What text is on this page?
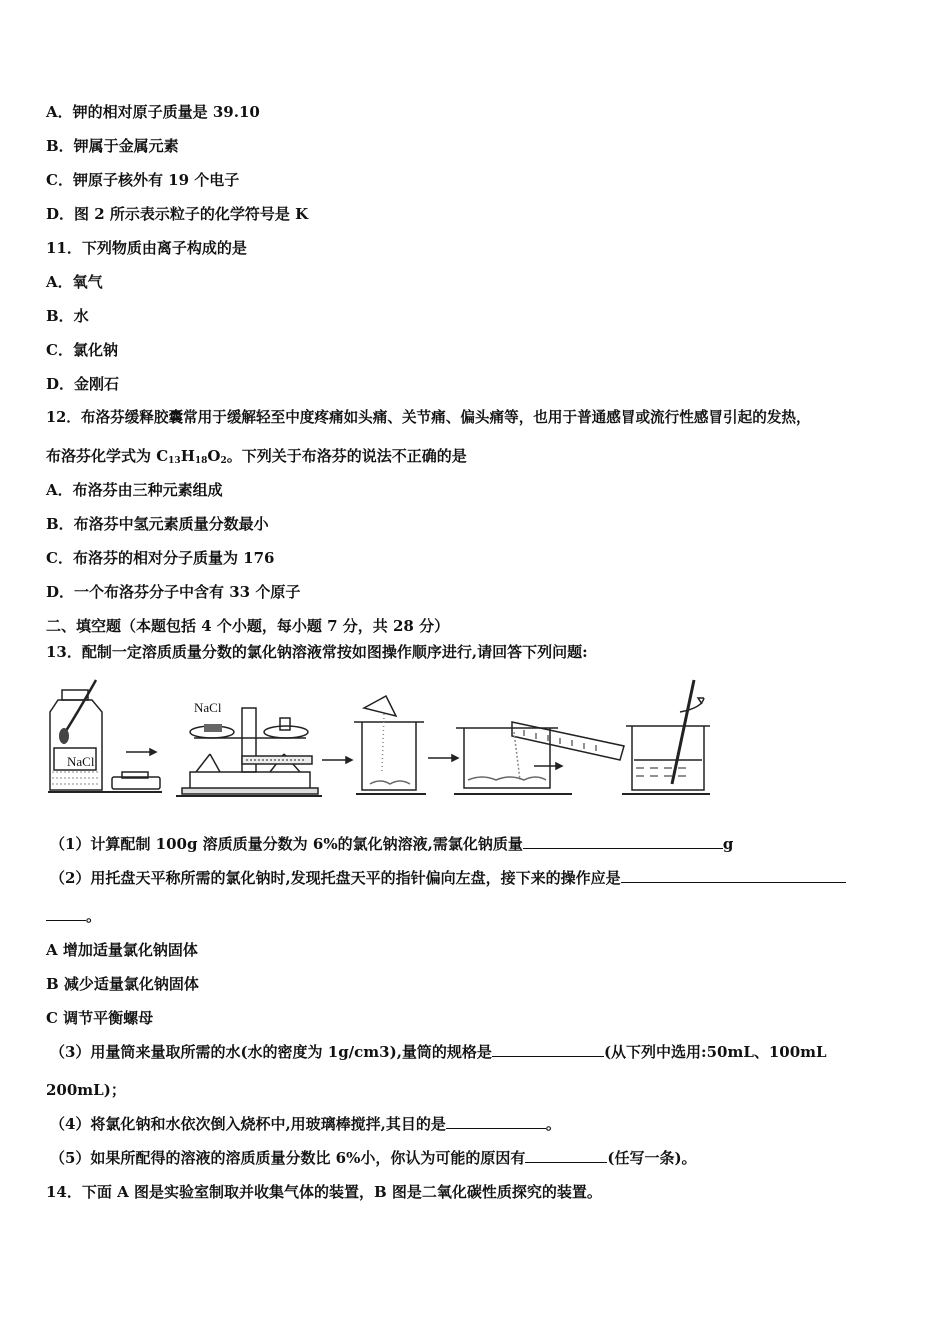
A．钾的相对原子质量是 39.10
B．钾属于金属元素
C．钾原子核外有 19 个电子
D．图 2 所示表示粒子的化学符号是 K
11．下列物质由离子构成的是
A．氧气
B．水
C．氯化钠
D．金刚石
12．布洛芬缓释胶囊常用于缓解轻至中度疼痛如头痛、关节痛、偏头痛等，也用于普通感冒或流行性感冒引起的发热，
布洛芬化学式为 $C_{13}H_{18}O_2$。下列关于布洛芬的说法不正确的是
A．布洛芬由三种元素组成
B．布洛芬中氢元素质量分数最小
C．布洛芬的相对分子质量为 176
D．一个布洛芬分子中含有 33 个原子
二、填空题（本题包括 4 个小题，每小题 7 分，共 28 分）
13．配制一定溶质质量分数的氯化钠溶液常按如图操作顺序进行,请回答下列问题:
NaCl
NaCl
（1）计算配制 100g 溶质质量分数为 6%的氯化钠溶液,需氯化钠质量	g
（2）用托盘天平称所需的氯化钠时,发现托盘天平的指针偏向左盘，接下来的操作应是
。
A 增加适量氯化钠固体
B 减少适量氯化钠固体
C 调节平衡螺母
（3）用量筒来量取所需的水(水的密度为 1g/cm3),量筒的规格是	(从下列中选用:50mL、100mL
200mL)；
（4）将氯化钠和水依次倒入烧杯中,用玻璃棒搅拌,其目的是	。
（5）如果所配得的溶液的溶质质量分数比 6%小，你认为可能的原因有	(任写一条)。
14．下面 A 图是实验室制取并收集气体的装置，B 图是二氧化碳性质探究的装置。
